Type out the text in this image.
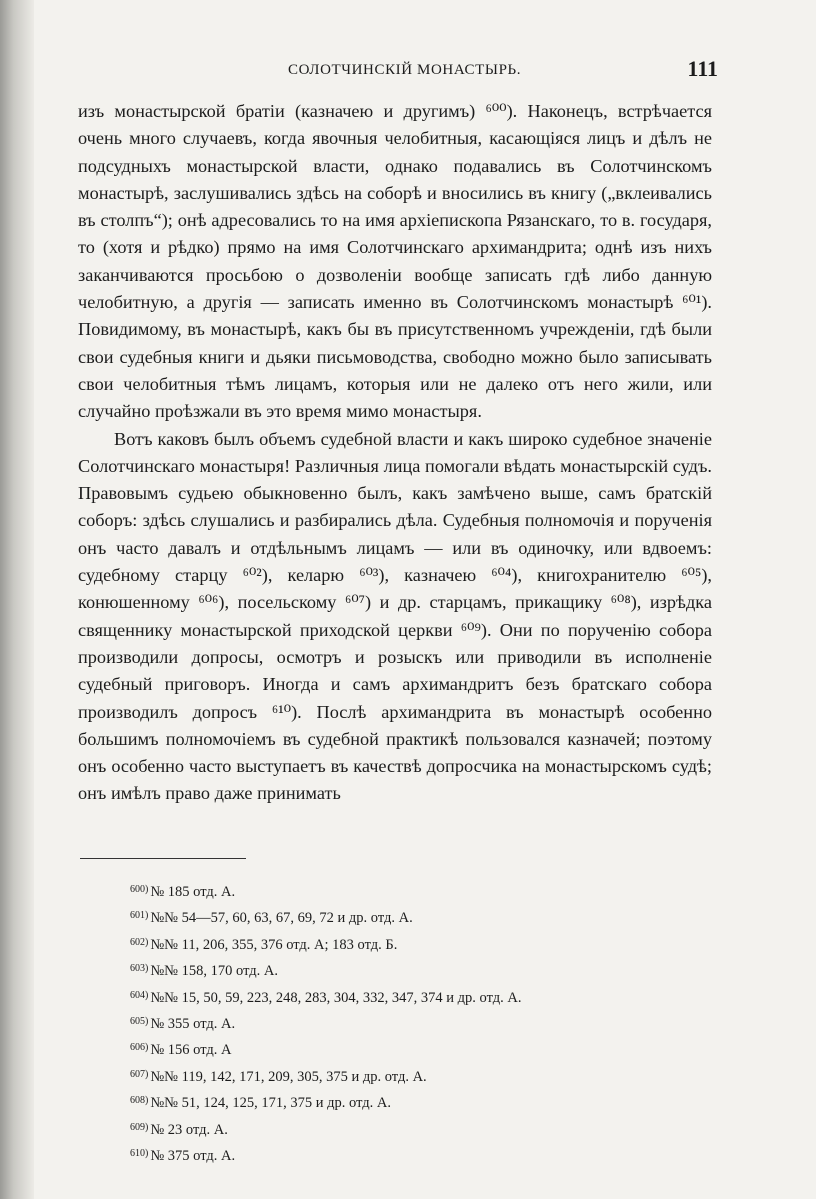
СОЛОТЧИНСКІЙ МОНАСТЫРЬ.	111

изъ монастырской братіи (казначею и другимъ) ⁶⁰⁰). Наконецъ, встрѣчается очень много случаевъ, когда явочныя челобитныя, касающіяся лицъ и дѣлъ не подсудныхъ монастырской власти, однако подавались въ Солотчинскомъ монастырѣ, заслушивались здѣсь на соборѣ и вносились въ книгу („вклеивались въ столпъ“); онѣ адресовались то на имя архіепископа Рязанскаго, то в. государя, то (хотя и рѣдко) прямо на имя Солотчинскаго архимандрита; однѣ изъ нихъ заканчиваются просьбою о дозволеніи вообще записать гдѣ либо данную челобитную, а другія — записать именно въ Солотчинскомъ монастырѣ ⁶⁰¹). Повидимому, въ монастырѣ, какъ бы въ присутственномъ учрежденіи, гдѣ были свои судебныя книги и дьяки письмоводства, свободно можно было записывать свои челобитныя тѣмъ лицамъ, которыя или не далеко отъ него жили, или случайно проѣзжали въ это время мимо монастыря.

Вотъ каковъ былъ объемъ судебной власти и какъ широко судебное значеніе Солотчинскаго монастыря! Различныя лица помогали вѣдать монастырскій судъ. Правовымъ судьею обыкновенно былъ, какъ замѣчено выше, самъ братскій соборъ: здѣсь слушались и разбирались дѣла. Судебныя полномочія и порученія онъ часто давалъ и отдѣльнымъ лицамъ — или въ одиночку, или вдвоемъ: судебному старцу ⁶⁰²), келарю ⁶⁰³), казначею ⁶⁰⁴), книгохранителю ⁶⁰⁵), конюшенному ⁶⁰⁶), посельскому ⁶⁰⁷) и др. старцамъ, прикащику ⁶⁰⁸), изрѣдка священнику монастырской приходской церкви ⁶⁰⁹). Они по порученію собора производили допросы, осмотръ и розыскъ или приводили въ исполненіе судебный приговоръ. Иногда и самъ архимандритъ безъ братскаго собора производилъ допросъ ⁶¹⁰). Послѣ архимандрита въ монастырѣ особенно большимъ полномочіемъ въ судебной практикѣ пользовался казначей; поэтому онъ особенно часто выступаетъ въ качествѣ допросчика на монастырскомъ судѣ; онъ имѣлъ право даже принимать

$^{600)}$ № 185 отд. А.
$^{601)}$ №№ 54—57, 60, 63, 67, 69, 72 и др. отд. А.
$^{602)}$ №№ 11, 206, 355, 376 отд. А; 183 отд. Б.
$^{603)}$ №№ 158, 170 отд. А.
$^{604)}$ №№ 15, 50, 59, 223, 248, 283, 304, 332, 347, 374 и др. отд. А.
$^{605)}$ № 355 отд. А.
$^{606)}$ № 156 отд. А
$^{607)}$ №№ 119, 142, 171, 209, 305, 375 и др. отд. А.
$^{608)}$ №№ 51, 124, 125, 171, 375 и др. отд. А.
$^{609)}$ № 23 отд. А.
$^{610)}$ № 375 отд. А.
